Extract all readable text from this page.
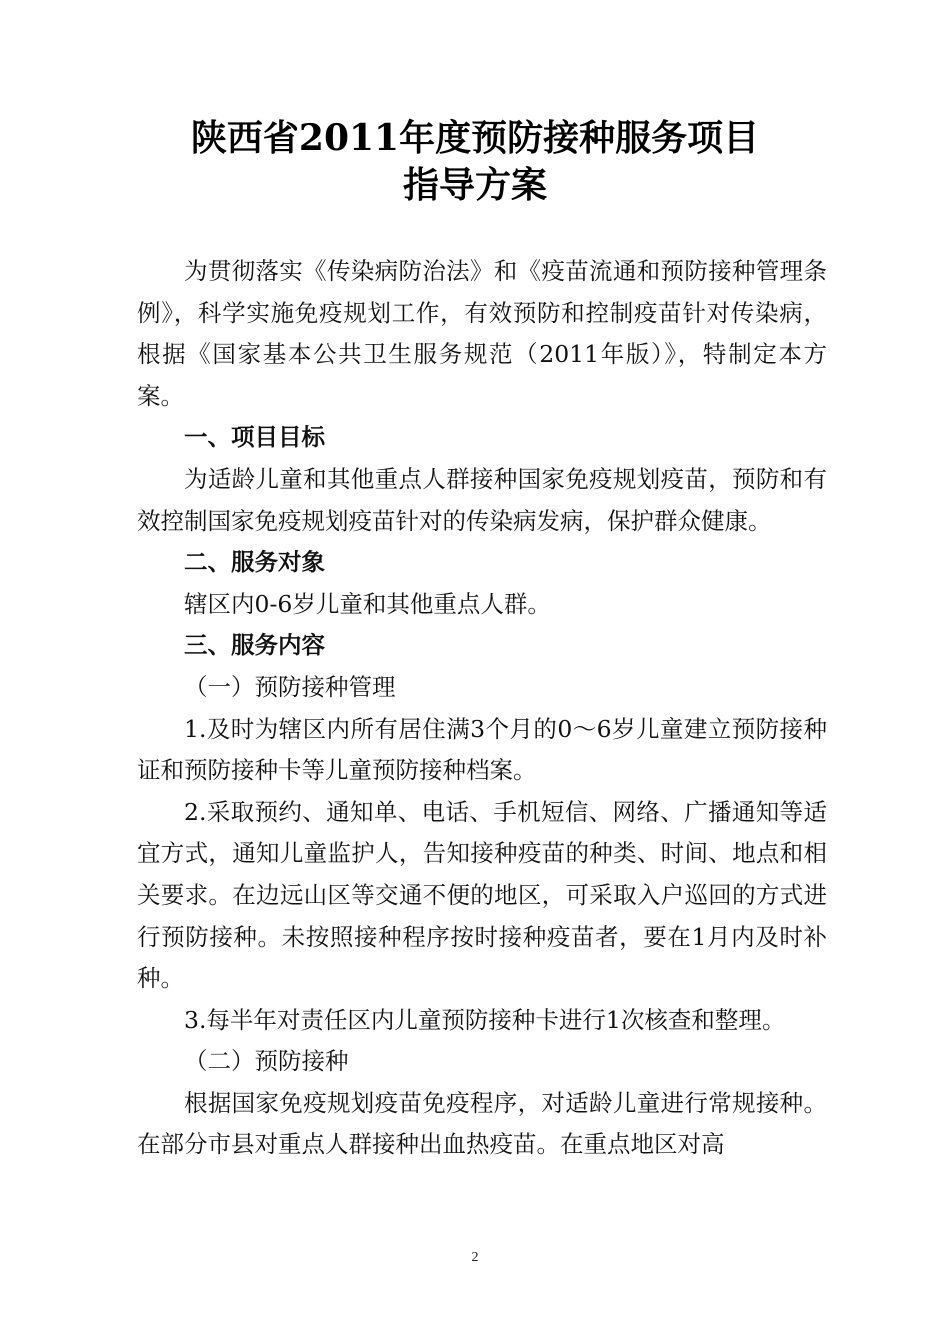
陕西省2011年度预防接种服务项目
指导方案

为贯彻落实《传染病防治法》和《疫苗流通和预防接种管理条例》，科学实施免疫规划工作，有效预防和控制疫苗针对传染病，根据《国家基本公共卫生服务规范（2011年版）》，特制定本方案。

一、项目目标

为适龄儿童和其他重点人群接种国家免疫规划疫苗，预防和有效控制国家免疫规划疫苗针对的传染病发病，保护群众健康。

二、服务对象

辖区内0-6岁儿童和其他重点人群。

三、服务内容

（一）预防接种管理

1.及时为辖区内所有居住满3个月的0～6岁儿童建立预防接种证和预防接种卡等儿童预防接种档案。

2.采取预约、通知单、电话、手机短信、网络、广播通知等适宜方式，通知儿童监护人，告知接种疫苗的种类、时间、地点和相关要求。在边远山区等交通不便的地区，可采取入户巡回的方式进行预防接种。未按照接种程序按时接种疫苗者，要在1月内及时补种。

3.每半年对责任区内儿童预防接种卡进行1次核查和整理。

（二）预防接种

根据国家免疫规划疫苗免疫程序，对适龄儿童进行常规接种。在部分市县对重点人群接种出血热疫苗。在重点地区对高

2
